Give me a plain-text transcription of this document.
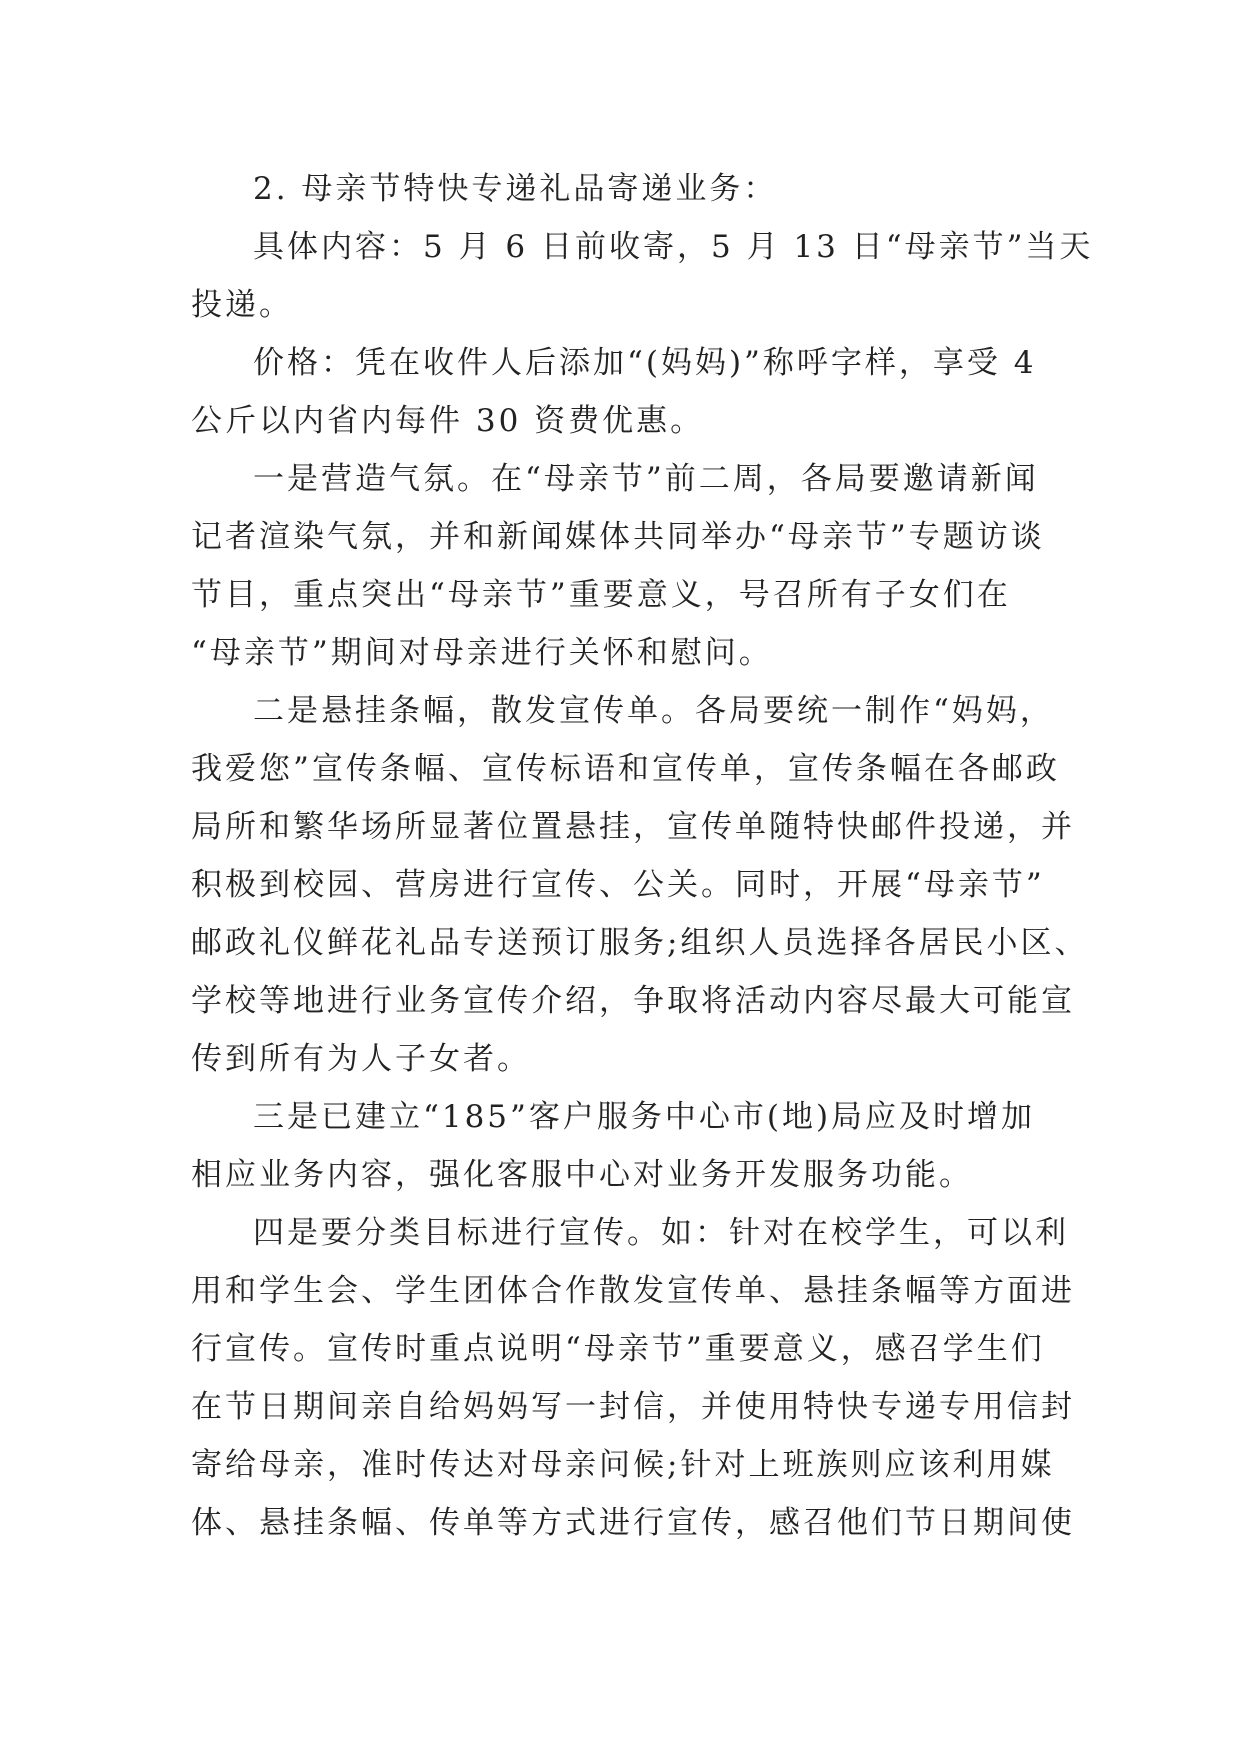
2. 母亲节特快专递礼品寄递业务：
具体内容：5 月 6 日前收寄，5 月 13 日“母亲节”当天
投递。
价格：凭在收件人后添加“(妈妈)”称呼字样，享受 4
公斤以内省内每件 30 资费优惠。
一是营造气氛。在“母亲节”前二周，各局要邀请新闻
记者渲染气氛，并和新闻媒体共同举办“母亲节”专题访谈
节目，重点突出“母亲节”重要意义，号召所有子女们在
“母亲节”期间对母亲进行关怀和慰问。
二是悬挂条幅，散发宣传单。各局要统一制作“妈妈，
我爱您”宣传条幅、宣传标语和宣传单，宣传条幅在各邮政
局所和繁华场所显著位置悬挂，宣传单随特快邮件投递，并
积极到校园、营房进行宣传、公关。同时，开展“母亲节”
邮政礼仪鲜花礼品专送预订服务;组织人员选择各居民小区、
学校等地进行业务宣传介绍，争取将活动内容尽最大可能宣
传到所有为人子女者。
三是已建立“185”客户服务中心市(地)局应及时增加
相应业务内容，强化客服中心对业务开发服务功能。
四是要分类目标进行宣传。如：针对在校学生，可以利
用和学生会、学生团体合作散发宣传单、悬挂条幅等方面进
行宣传。宣传时重点说明“母亲节”重要意义，感召学生们
在节日期间亲自给妈妈写一封信，并使用特快专递专用信封
寄给母亲，准时传达对母亲问候;针对上班族则应该利用媒
体、悬挂条幅、传单等方式进行宣传，感召他们节日期间使
